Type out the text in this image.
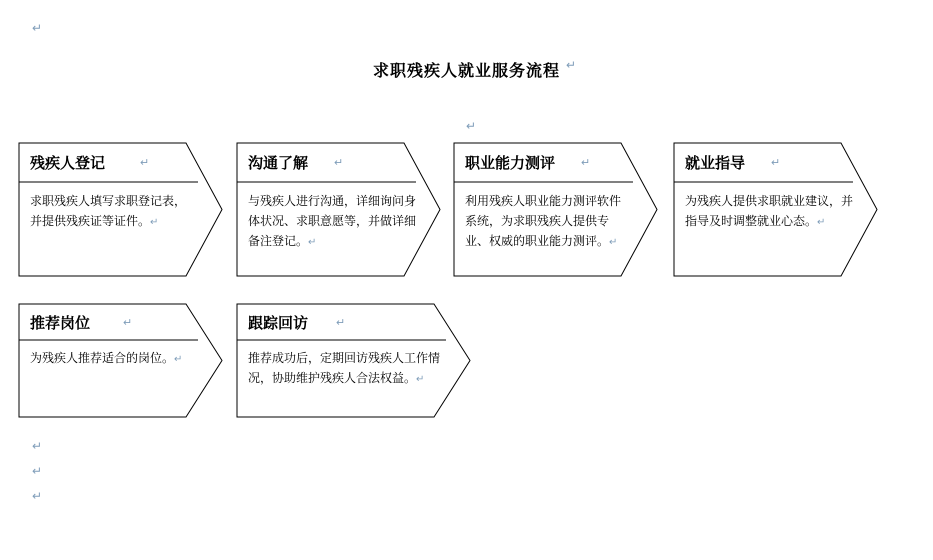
↵
↵
↵
↵
↵
求职残疾人就业服务流程 ↵
残疾人登记	↵
求职残疾人填写求职登记表，并提供残疾证等证件。↵
沟通了解 ↵
与残疾人进行沟通，详细询问身体状况、求职意愿等，并做详细备注登记。↵
职业能力测评 ↵
利用残疾人职业能力测评软件系统，为求职残疾人提供专业、权威的职业能力测评。↵
就业指导 ↵
为残疾人提供求职就业建议，并指导及时调整就业心态。↵
推荐岗位	↵
为残疾人推荐适合的岗位。↵
跟踪回访	↵
推荐成功后，定期回访残疾人工作情况，协助维护残疾人合法权益。↵
